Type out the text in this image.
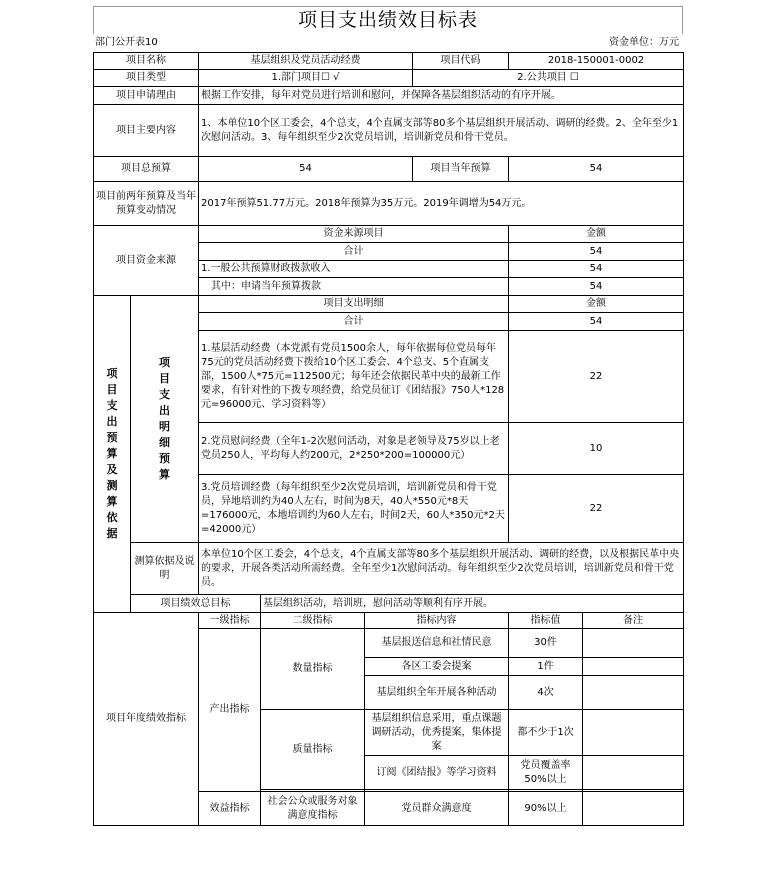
项目支出绩效目标表
部门公开表10	资金单位：万元
项目名称		基层组织及党员活动经费			项目代码	2018-150001-0002	
项目类型		1.部门项目☐ √			2.公共项目 ☐		
项目申请理由		根据工作安排，每年对党员进行培训和慰问，并保障各基层组织活动的有序开展。					
项目主要内容		1、本单位10个区工委会，4个总支，4个直属支部等80多个基层组织开展活动、调研的经费。2、全年至少1次慰问活动。3、每年组织至少2次党员培训，培训新党员和骨干党员。					
项目总预算		54			项目当年预算	54	
项目前两年预算及当年预算变动情况		2017年预算51.77万元。2018年预算为35万元。2019年调增为54万元。					
项目资金来源		资金来源项目				金额	
		合计				54	
		1.一般公共预算财政拨款收入				54	
		其中：申请当年预算拨款				54	
项目支出预算及测算依据	项目支出明细预算	项目支出明细				金额	
		合计				54	
		1.基层活动经费（本党派有党员1500余人，每年依据每位党员每年75元的党员活动经费下拨给10个区工委会、4个总支、5个直属支部，1500人*75元=112500元；每年还会依据民革中央的最新工作要求，有针对性的下拨专项经费，给党员征订《团结报》750人*128元=96000元、学习资料等）				22	
		2.党员慰问经费（全年1-2次慰问活动，对象是老领导及75岁以上老党员250人，平均每人约200元，2*250*200=100000元）				10	
		3.党员培训经费（每年组织至少2次党员培训，培训新党员和骨干党员，异地培训约为40人左右，时间为8天，40人*550元*8天=176000元，本地培训约为60人左右，时间2天，60人*350元*2天=42000元）				22	
	测算依据及说明	本单位10个区工委会，4个总支，4个直属支部等80多个基层组织开展活动、调研的经费，以及根据民革中央的要求，开展各类活动所需经费。全年至少1次慰问活动。每年组织至少2次党员培训，培训新党员和骨干党员。					
	项目绩效总目标		基层组织活动，培训班，慰问活动等顺利有序开展。				
项目年度绩效指标		一级指标	二级指标	指标内容		指标值	备注
		产出指标	数量指标	基层报送信息和社情民意		30件	
				各区工委会提案		1件	
				基层组织全年开展各种活动		4次	
			质量指标	基层组织信息采用，重点课题调研活动，优秀提案，集体提案		都不少于1次	
				订阅《团结报》等学习资料		党员覆盖率50%以上	

		效益指标	社会公众或服务对象满意度指标	党员群众满意度		90%以上	
